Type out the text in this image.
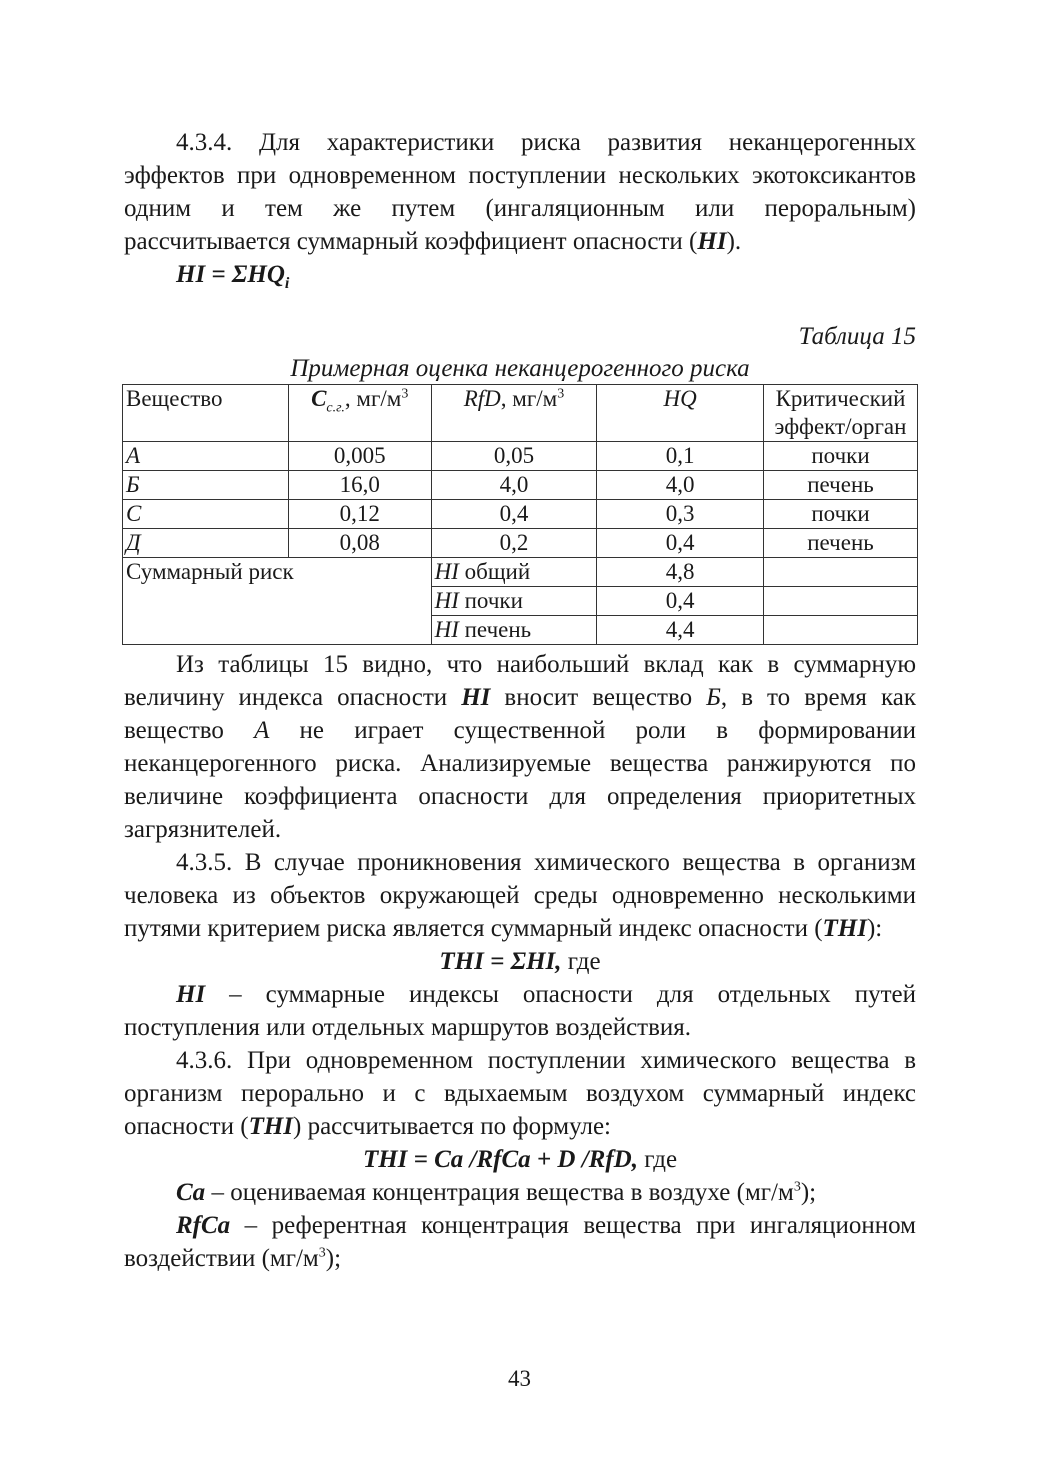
4.3.4. Для характеристики риска развития неканцерогенных эффектов при одновременном поступлении нескольких экотоксикантов одним и тем же путем (ингаляционным или пероральным) рассчитывается суммарный коэффициент опасности (HI).

HI = $\Sigma HQ_i$

Таблица 15
Примерная оценка неканцерогенного риска
Вещество	$C_{с.г.}$, $мг/м^3$	RfD, $мг/м^3$	HQ	Критический эффект/орган
А	0,005	0,05	0,1	почки
Б	16,0	4,0	4,0	печень
С	0,12	0,4	0,3	почки
Д	0,08	0,2	0,4	печень
Суммарный риск		HI общий	4,8	
		HI почки	0,4	
		HI печень	4,4	

Из таблицы 15 видно, что наибольший вклад как в суммарную величину индекса опасности HI вносит вещество Б, в то время как вещество А не играет существенной роли в формировании неканцерогенного риска. Анализируемые вещества ранжируются по величине коэффициента опасности для определения приоритетных загрязнителей.

4.3.5. В случае проникновения химического вещества в организм человека из объектов окружающей среды одновременно несколькими путями критерием риска является суммарный индекс опасности (THI):

THI = ΣHI, где

HI – суммарные индексы опасности для отдельных путей поступления или отдельных маршрутов воздействия.

4.3.6. При одновременном поступлении химического вещества в организм перорально и с вдыхаемым воздухом суммарный индекс опасности (THI) рассчитывается по формуле:

THI = Ca /RfCa + D /RfD, где

Ca – оцениваемая концентрация вещества в воздухе $(мг/м^3)$;

RfCa – референтная концентрация вещества при ингаляционном воздействии $(мг/м^3)$;

43
